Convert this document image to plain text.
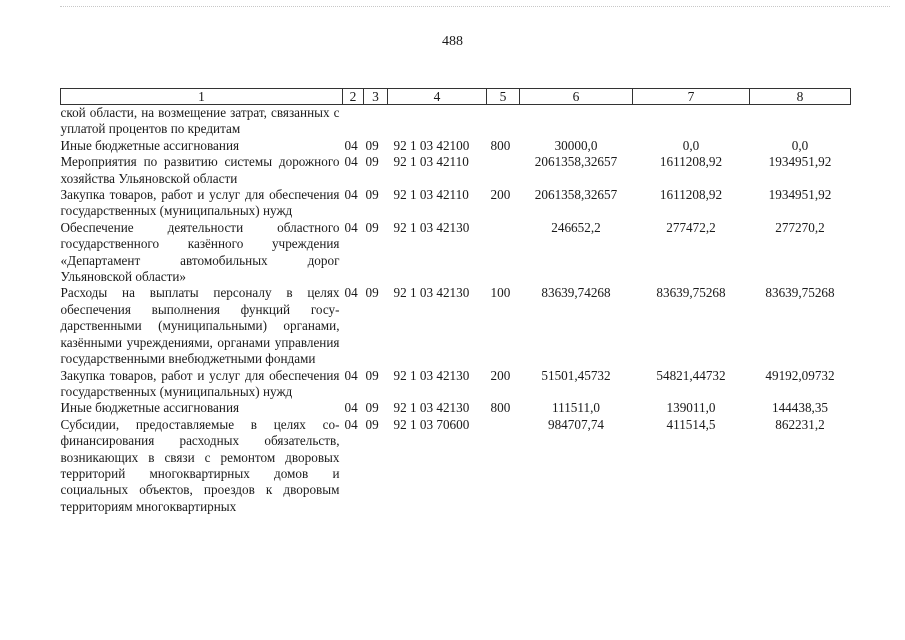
488
1	2	3	4	5	6	7	8
ской области, на возмещение затрат, связанных с уплатой процентов по кредитам							
Иные бюджетные ассигнования	04	09	92 1 03 42100	800	30000,0	0,0	0,0
Мероприятия по развитию системы дорожного хозяйства Ульяновской области	04	09	92 1 03 42110		2061358,32657	1611208,92	1934951,92
Закупка товаров, работ и услуг для обеспечения государственных (муниципальных) нужд	04	09	92 1 03 42110	200	2061358,32657	1611208,92	1934951,92
Обеспечение деятельности областного государственного казённого учреждения «Департамент автомобильных дорог Ульяновской области»	04	09	92 1 03 42130		246652,2	277472,2	277270,2
Расходы на выплаты персоналу в целях обеспечения выполнения функций государственными (муниципальными) органами, казёнными учреждениями, органами управления государственными внебюджетными фондами	04	09	92 1 03 42130	100	83639,74268	83639,75268	83639,75268
Закупка товаров, работ и услуг для обеспечения государственных (муниципальных) нужд	04	09	92 1 03 42130	200	51501,45732	54821,44732	49192,09732
Иные бюджетные ассигнования	04	09	92 1 03 42130	800	111511,0	139011,0	144438,35
Субсидии, предоставляемые в целях софинансирования расходных обязательств, возникающих в связи с ремонтом дворовых территорий многоквартирных домов и социальных объектов, проездов к дворовым территориям многоквартирных	04	09	92 1 03 70600		984707,74	411514,5	862231,2
